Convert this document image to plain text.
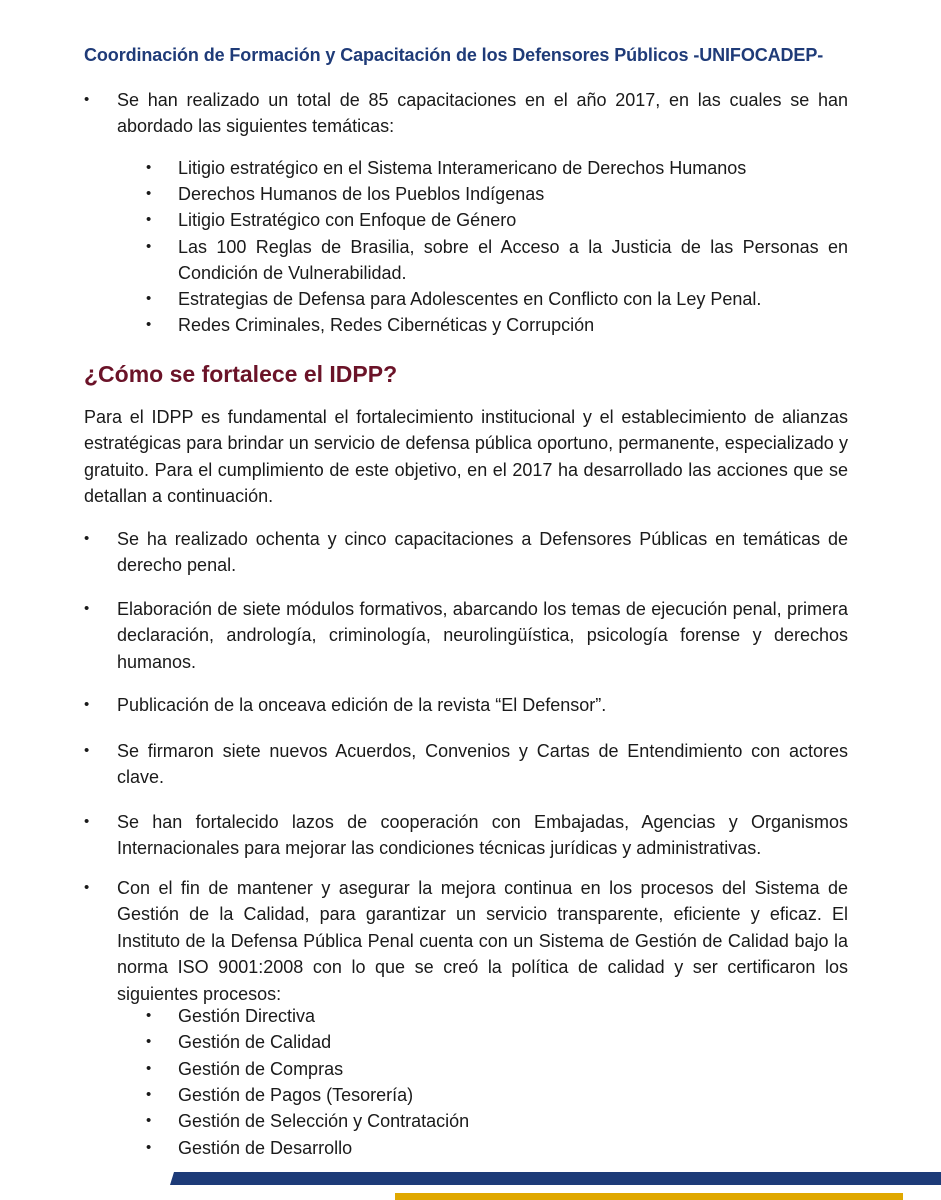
Coordinación de Formación y Capacitación de los Defensores Públicos -UNIFOCADEP-
• Se han realizado un total de 85 capacitaciones en el año 2017, en las cuales se han abordado las siguientes temáticas:
• Litigio estratégico en el Sistema Interamericano de Derechos Humanos
• Derechos Humanos de los Pueblos Indígenas
• Litigio Estratégico con Enfoque de Género
• Las 100 Reglas de Brasilia, sobre el Acceso a la Justicia de las Personas en Condición de Vulnerabilidad.
• Estrategias de Defensa para Adolescentes en Conflicto con la Ley Penal.
• Redes Criminales, Redes Cibernéticas y Corrupción
¿Cómo se fortalece el IDPP?
Para el IDPP es fundamental el fortalecimiento institucional y el establecimiento de alianzas estratégicas para brindar un servicio de defensa pública oportuno, permanente, especializado y gratuito. Para el cumplimiento de este objetivo, en el 2017 ha desarrollado las acciones que se detallan a continuación.
• Se ha realizado ochenta y cinco capacitaciones a Defensores Públicas en temáticas de derecho penal.
• Elaboración de siete módulos formativos, abarcando los temas de ejecución penal, primera declaración, andrología, criminología, neurolingüística, psicología forense y derechos humanos.
• Publicación de la onceava edición de la revista “El Defensor”.
• Se firmaron siete nuevos Acuerdos, Convenios y Cartas de Entendimiento con actores clave.
• Se han fortalecido lazos de cooperación con Embajadas, Agencias y Organismos Internacionales para mejorar las condiciones técnicas jurídicas y administrativas.
• Con el fin de mantener y asegurar la mejora continua en los procesos del Sistema de Gestión de la Calidad, para garantizar un servicio transparente, eficiente y eficaz. El Instituto de la Defensa Pública Penal cuenta con un Sistema de Gestión de Calidad bajo la norma ISO 9001:2008 con lo que se creó la política de calidad y ser certificaron los siguientes procesos:
• Gestión Directiva
• Gestión de Calidad
• Gestión de Compras
• Gestión de Pagos (Tesorería)
• Gestión de Selección y Contratación
• Gestión de Desarrollo
